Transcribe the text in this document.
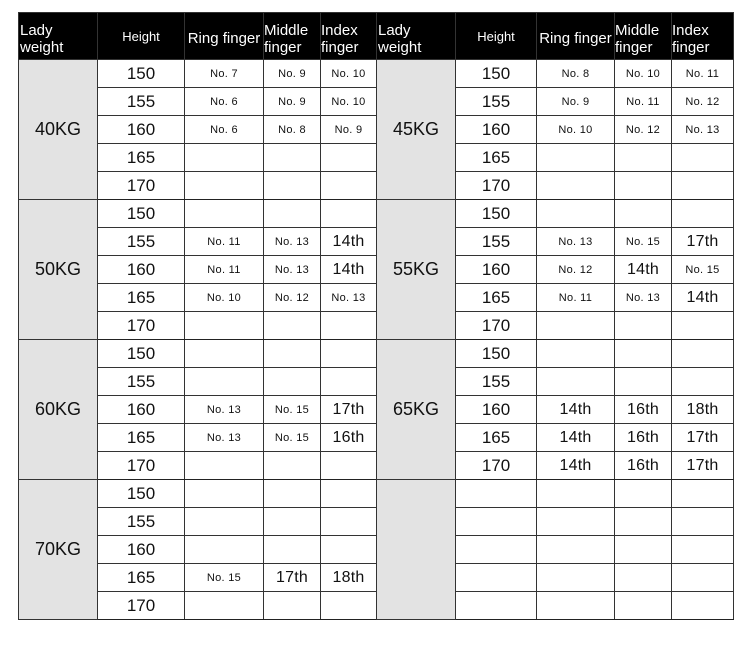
Lady weight	Height	Ring finger	Middle finger	Index finger	Lady weight	Height	Ring finger	Middle finger	Index finger
40KG	150	No. 7	No. 9	No. 10	45KG	150	No. 8	No. 10	No. 11
	155	No. 6	No. 9	No. 10		155	No. 9	No. 11	No. 12
	160	No. 6	No. 8	No. 9		160	No. 10	No. 12	No. 13
	165					165			
	170					170			
50KG	150				55KG	150			
	155	No. 11	No. 13	14th		155	No. 13	No. 15	17th
	160	No. 11	No. 13	14th		160	No. 12	14th	No. 15
	165	No. 10	No. 12	No. 13		165	No. 11	No. 13	14th
	170					170			
60KG	150				65KG	150			
	155					155			
	160	No. 13	No. 15	17th		160	14th	16th	18th
	165	No. 13	No. 15	16th		165	14th	16th	17th
	170					170	14th	16th	17th
70KG	150								
	155								
	160								
	165	No. 15	17th	18th					
	170								
